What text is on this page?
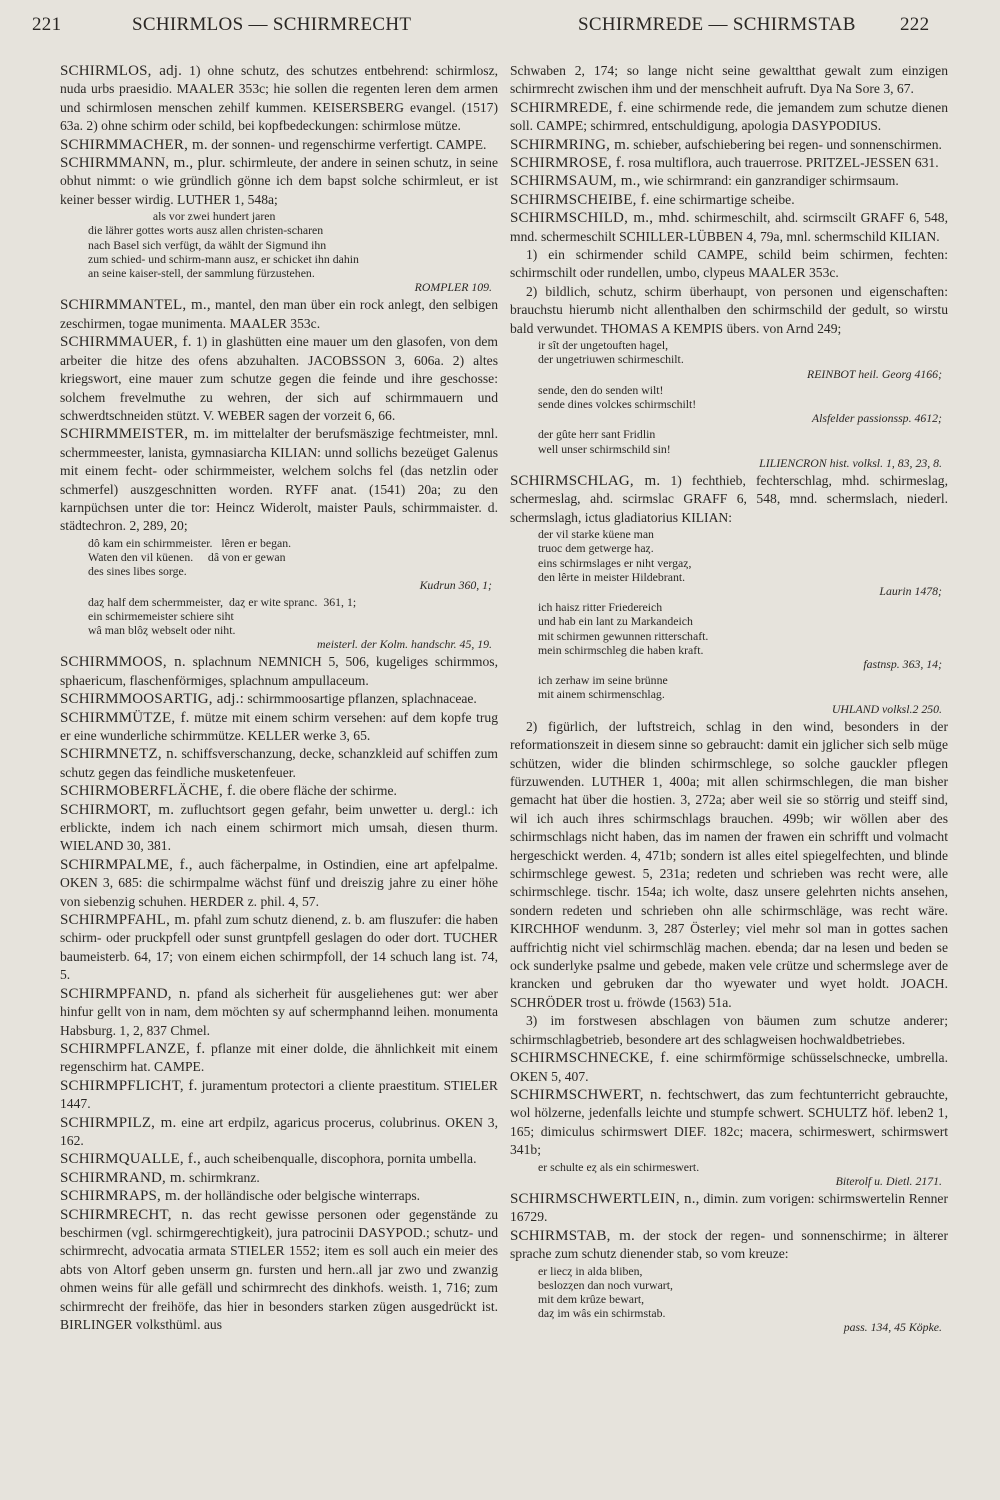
221	SCHIRMLOS — SCHIRMRECHT	SCHIRMREDE — SCHIRMSTAB 222

SCHIRMLOS, adj. 1) ohne schutz, des schutzes entbehrend: schirmlosz, nuda urbs praesidio. MAALER 353c; hie sollen die regenten leren dem armen und schirmlosen menschen zehilf kummen. KEISERSBERG evangel. (1517) 63a. 2) ohne schirm oder schild, bei kopfbedeckungen: schirmlose mütze.

SCHIRMMACHER, m. der sonnen- und regenschirme verfertigt. CAMPE.

SCHIRMMANN, m., plur. schirmleute, der andere in seinen schutz, in seine obhut nimmt: o wie gründlich gönne ich dem bapst solche schirmleut, er ist keiner besser wirdig. LUTHER 1, 548a;

als vor zwei hundert jaren
die lährer gottes worts ausz allen christen-scharen
nach Basel sich verfügt, da wählt der Sigmund ihn
zum schied- und schirm-mann ausz, er schicket ihn dahin
an seine kaiser-stell, der sammlung fürzustehen.
ROMPLER 109.

SCHIRMMANTEL, m., mantel, den man über ein rock anlegt, den selbigen zeschirmen, togae munimenta. MAALER 353c.

SCHIRMMAUER, f. 1) in glashütten eine mauer um den glasofen, von dem arbeiter die hitze des ofens abzuhalten. JACOBSSON 3, 606a. 2) altes kriegswort, eine mauer zum schutze gegen die feinde und ihre geschosse: solchem frevelmuthe zu wehren, der sich auf schirmmauern und schwerdtschneiden stützt. V. WEBER sagen der vorzeit 6, 66.

SCHIRMMEISTER, m. im mittelalter der berufsmäszige fechtmeister, mnl. schermmeester, lanista, gymnasiarcha KILIAN: unnd sollichs bezeüget Galenus mit einem fecht- oder schirmmeister, welchem solchs fel (das netzlin oder schmerfel) auszgeschnitten worden. RYFF anat. (1541) 20a; zu den karnpüchsen unter die tor: Heincz Widerolt, maister Pauls, schirmmaister. d. städtechron. 2, 289, 20;

dô kam ein schirmmeister.   lêren er began.
Waten den vil küenen.     dâ von er gewan
des sines libes sorge.
Kudrun 360, 1;
daȥ half dem schermmeister,  daȥ er wite spranc.  361, 1;
ein schirmemeister schiere siht
wâ man blôȥ webselt oder niht.
meisterl. der Kolm. handschr. 45, 19.

SCHIRMMOOS, n. splachnum NEMNICH 5, 506, kugeliges schirmmos, sphaericum, flaschenförmiges, splachnum ampullaceum.

SCHIRMMOOSARTIG, adj.: schirmmoosartige pflanzen, splachnaceae.

SCHIRMMÜTZE, f. mütze mit einem schirm versehen: auf dem kopfe trug er eine wunderliche schirmmütze. KELLER werke 3, 65.

SCHIRMNETZ, n. schiffsverschanzung, decke, schanzkleid auf schiffen zum schutz gegen das feindliche musketenfeuer.

SCHIRMOBERFLÄCHE, f. die obere fläche der schirme.

SCHIRMORT, m. zufluchtsort gegen gefahr, beim unwetter u. dergl.: ich erblickte, indem ich nach einem schirmort mich umsah, diesen thurm. WIELAND 30, 381.

SCHIRMPALME, f., auch fächerpalme, in Ostindien, eine art apfelpalme. OKEN 3, 685: die schirmpalme wächst fünf und dreiszig jahre zu einer höhe von siebenzig schuhen. HERDER z. phil. 4, 57.

SCHIRMPFAHL, m. pfahl zum schutz dienend, z. b. am fluszufer: die haben schirm- oder pruckpfell oder sunst gruntpfell geslagen do oder dort. TUCHER baumeisterb. 64, 17; von einem eichen schirmpfoll, der 14 schuch lang ist. 74, 5.

SCHIRMPFAND, n. pfand als sicherheit für ausgeliehenes gut: wer aber hinfur gellt von in nam, dem möchten sy auf schermphannd leihen. monumenta Habsburg. 1, 2, 837 Chmel.

SCHIRMPFLANZE, f. pflanze mit einer dolde, die ähnlichkeit mit einem regenschirm hat. CAMPE.

SCHIRMPFLICHT, f. juramentum protectori a cliente praestitum. STIELER 1447.

SCHIRMPILZ, m. eine art erdpilz, agaricus procerus, colubrinus. OKEN 3, 162.

SCHIRMQUALLE, f., auch scheibenqualle, discophora, pornita umbella.

SCHIRMRAND, m. schirmkranz.

SCHIRMRAPS, m. der holländische oder belgische winterraps.

SCHIRMRECHT, n. das recht gewisse personen oder gegenstände zu beschirmen (vgl. schirmgerechtigkeit), jura patrocinii DASYPOD.; schutz- und schirmrecht, advocatia armata STIELER 1552; item es soll auch ein meier des abts von Altorf geben unserm gn. fursten und hern..all jar zwo und zwanzig ohmen weins für alle gefäll und schirmrecht des dinkhofs. weisth. 1, 716; zum schirmrecht der freihöfe, das hier in besonders starken zügen ausgedrückt ist. BIRLINGER volksthüml. aus

Schwaben 2, 174; so lange nicht seine gewaltthat gewalt zum einzigen schirmrecht zwischen ihm und der menschheit aufruft. Dya Na Sore 3, 67.

SCHIRMREDE, f. eine schirmende rede, die jemandem zum schutze dienen soll. CAMPE; schirmred, entschuldigung, apologia DASYPODIUS.

SCHIRMRING, m. schieber, aufschiebering bei regen- und sonnenschirmen.

SCHIRMROSE, f. rosa multiflora, auch trauerrose. PRITZEL-JESSEN 631.

SCHIRMSAUM, m., wie schirmrand: ein ganzrandiger schirmsaum.

SCHIRMSCHEIBE, f. eine schirmartige scheibe.

SCHIRMSCHILD, m., mhd. schirmeschilt, ahd. scirmscilt GRAFF 6, 548, mnd. schermeschilt SCHILLER-LÜBBEN 4, 79a, mnl. schermschild KILIAN.

1) ein schirmender schild CAMPE, schild beim schirmen, fechten: schirmschilt oder rundellen, umbo, clypeus MAALER 353c.

2) bildlich, schutz, schirm überhaupt, von personen und eigenschaften: brauchstu hierumb nicht allenthalben den schirmschild der gedult, so wirstu bald verwundet. THOMAS A KEMPIS übers. von Arnd 249;

ir sît der ungetouften hagel,
der ungetriuwen schirmeschilt.
REINBOT heil. Georg 4166;
sende, den do senden wilt!
sende dines volckes schirmschilt!
Alsfelder passionssp. 4612;
der gûte herr sant Fridlin
well unser schirmschild sin!
LILIENCRON hist. volksl. 1, 83, 23, 8.

SCHIRMSCHLAG, m. 1) fechthieb, fechterschlag, mhd. schirmeslag, schermeslag, ahd. scirmslac GRAFF 6, 548, mnd. schermslach, niederl. schermslagh, ictus gladiatorius KILIAN:

der vil starke küene man
truoc dem getwerge haȥ.
eins schirmslages er niht vergaȥ,
den lêrte in meister Hildebrant.
Laurin 1478;
ich haisz ritter Friedereich
und hab ein lant zu Markandeich
mit schirmen gewunnen ritterschaft.
mein schirmschleg die haben kraft.
fastnsp. 363, 14;
ich zerhaw im seine brünne
mit ainem schirmenschlag.
UHLAND volksl.2 250.

2) figürlich, der luftstreich, schlag in den wind, besonders in der reformationszeit in diesem sinne so gebraucht: damit ein jglicher sich selb müge schützen, wider die blinden schirmschlege, so solche gauckler pflegen fürzuwenden. LUTHER 1, 400a; mit allen schirmschlegen, die man bisher gemacht hat über die hostien. 3, 272a; aber weil sie so störrig und steiff sind, wil ich auch ihres schirmschlags brauchen. 499b; wir wöllen aber des schirmschlags nicht haben, das im namen der frawen ein schrifft und volmacht hergeschickt werden. 4, 471b; sondern ist alles eitel spiegelfechten, und blinde schirmschlege gewest. 5, 231a; redeten und schrieben was recht were, alle schirmschlege. tischr. 154a; ich wolte, dasz unsere gelehrten nichts ansehen, sondern redeten und schrieben ohn alle schirmschläge, was recht wäre. KIRCHHOF wendunm. 3, 287 Österley; viel mehr sol man in gottes sachen auffrichtig nicht viel schirmschläg machen. ebenda; dar na lesen und beden se ock sunderlyke psalme und gebede, maken vele crütze und schermslege aver de krancken und gebruken dar tho wyewater und wyet holdt. JOACH. SCHRÖDER trost u. fröwde (1563) 51a.

3) im forstwesen abschlagen von bäumen zum schutze anderer; schirmschlagbetrieb, besondere art des schlagweisen hochwaldbetriebes.

SCHIRMSCHNECKE, f. eine schirmförmige schüsselschnecke, umbrella. OKEN 5, 407.

SCHIRMSCHWERT, n. fechtschwert, das zum fechtunterricht gebrauchte, wol hölzerne, jedenfalls leichte und stumpfe schwert. SCHULTZ höf. leben2 1, 165; dimiculus schirmswert DIEF. 182c; macera, schirmeswert, schirmswert 341b;

er schulte eȥ als ein schirmeswert.
Biterolf u. Dietl. 2171.

SCHIRMSCHWERTLEIN, n., dimin. zum vorigen: schirmswertelin Renner 16729.

SCHIRMSTAB, m. der stock der regen- und sonnenschirme; in älterer sprache zum schutz dienender stab, so vom kreuze:

er liecȥ in alda bliben,
beslozȥen dan noch vurwart,
mit dem krûze bewart,
daȥ im wâs ein schirmstab.
pass. 134, 45 Köpke.
